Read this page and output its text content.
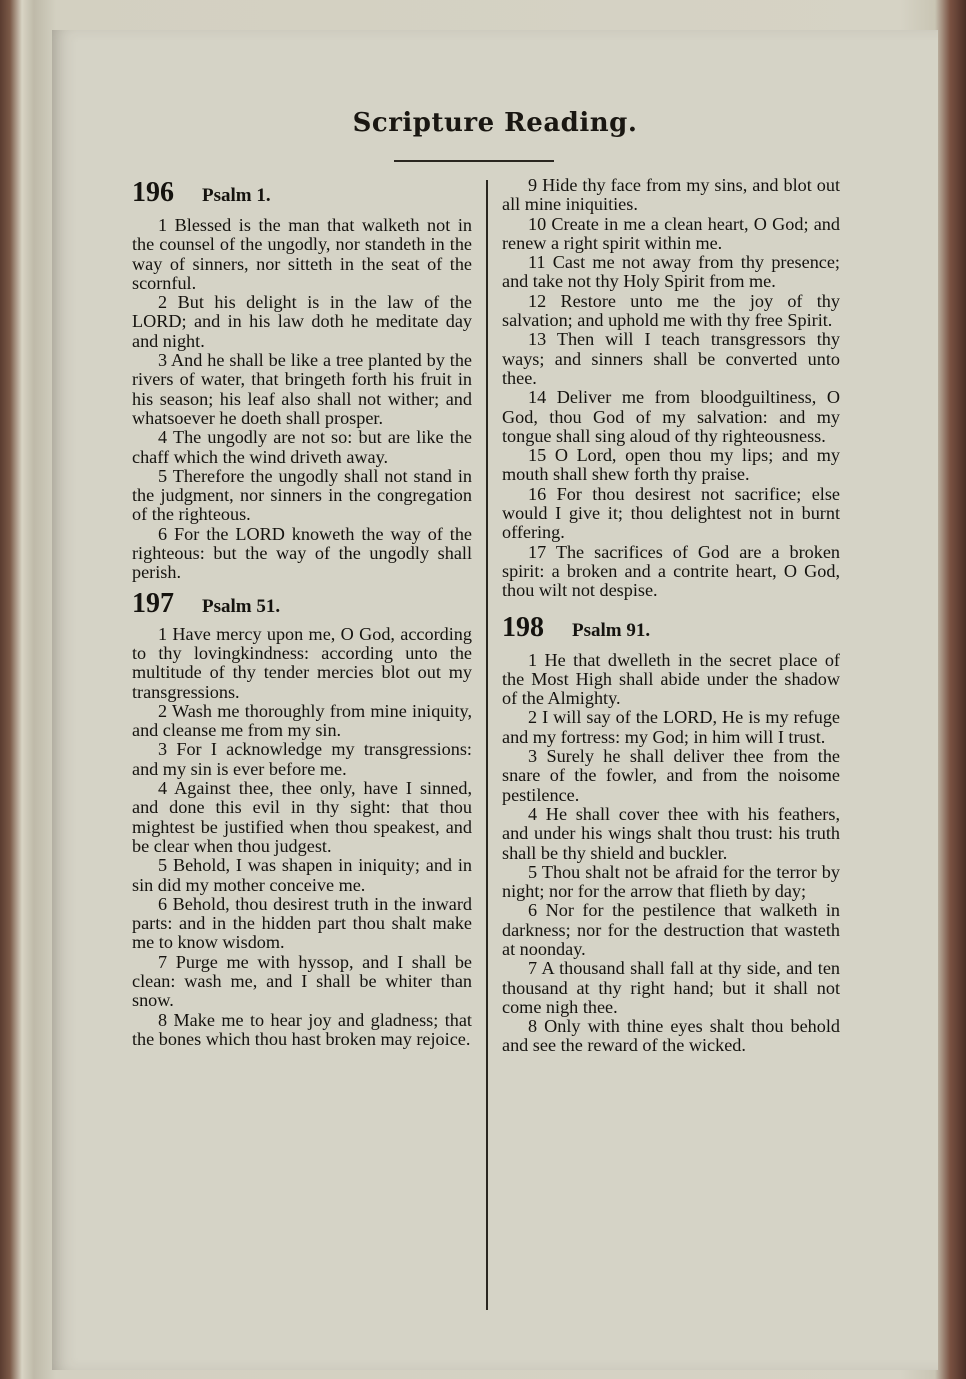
Scripture Reading.
196 Psalm 1.

1 Blessed is the man that walketh not in the counsel of the ungodly, nor standeth in the way of sinners, nor sitteth in the seat of the scornful.

2 But his delight is in the law of the LORD; and in his law doth he meditate day and night.

3 And he shall be like a tree planted by the rivers of water, that bringeth forth his fruit in his season; his leaf also shall not wither; and whatsoever he doeth shall prosper.

4 The ungodly are not so: but are like the chaff which the wind driveth away.

5 Therefore the ungodly shall not stand in the judgment, nor sinners in the congregation of the righteous.

6 For the LORD knoweth the way of the righteous: but the way of the ungodly shall perish.

197 Psalm 51.

1 Have mercy upon me, O God, according to thy lovingkindness: according unto the multitude of thy tender mercies blot out my transgressions.

2 Wash me thoroughly from mine iniquity, and cleanse me from my sin.

3 For I acknowledge my transgressions: and my sin is ever before me.

4 Against thee, thee only, have I sinned, and done this evil in thy sight: that thou mightest be justified when thou speakest, and be clear when thou judgest.

5 Behold, I was shapen in iniquity; and in sin did my mother conceive me.

6 Behold, thou desirest truth in the inward parts: and in the hidden part thou shalt make me to know wisdom.

7 Purge me with hyssop, and I shall be clean: wash me, and I shall be whiter than snow.

8 Make me to hear joy and gladness; that the bones which thou hast broken may rejoice.

9 Hide thy face from my sins, and blot out all mine iniquities.

10 Create in me a clean heart, O God; and renew a right spirit within me.

11 Cast me not away from thy presence; and take not thy Holy Spirit from me.

12 Restore unto me the joy of thy salvation; and uphold me with thy free Spirit.

13 Then will I teach transgressors thy ways; and sinners shall be converted unto thee.

14 Deliver me from bloodguiltiness, O God, thou God of my salvation: and my tongue shall sing aloud of thy righteousness.

15 O Lord, open thou my lips; and my mouth shall shew forth thy praise.

16 For thou desirest not sacrifice; else would I give it; thou delightest not in burnt offering.

17 The sacrifices of God are a broken spirit: a broken and a contrite heart, O God, thou wilt not despise.

198 Psalm 91.

1 He that dwelleth in the secret place of the Most High shall abide under the shadow of the Almighty.

2 I will say of the LORD, He is my refuge and my fortress: my God; in him will I trust.

3 Surely he shall deliver thee from the snare of the fowler, and from the noisome pestilence.

4 He shall cover thee with his feathers, and under his wings shalt thou trust: his truth shall be thy shield and buckler.

5 Thou shalt not be afraid for the terror by night; nor for the arrow that flieth by day;

6 Nor for the pestilence that walketh in darkness; nor for the destruction that wasteth at noonday.

7 A thousand shall fall at thy side, and ten thousand at thy right hand; but it shall not come nigh thee.

8 Only with thine eyes shalt thou behold and see the reward of the wicked.
